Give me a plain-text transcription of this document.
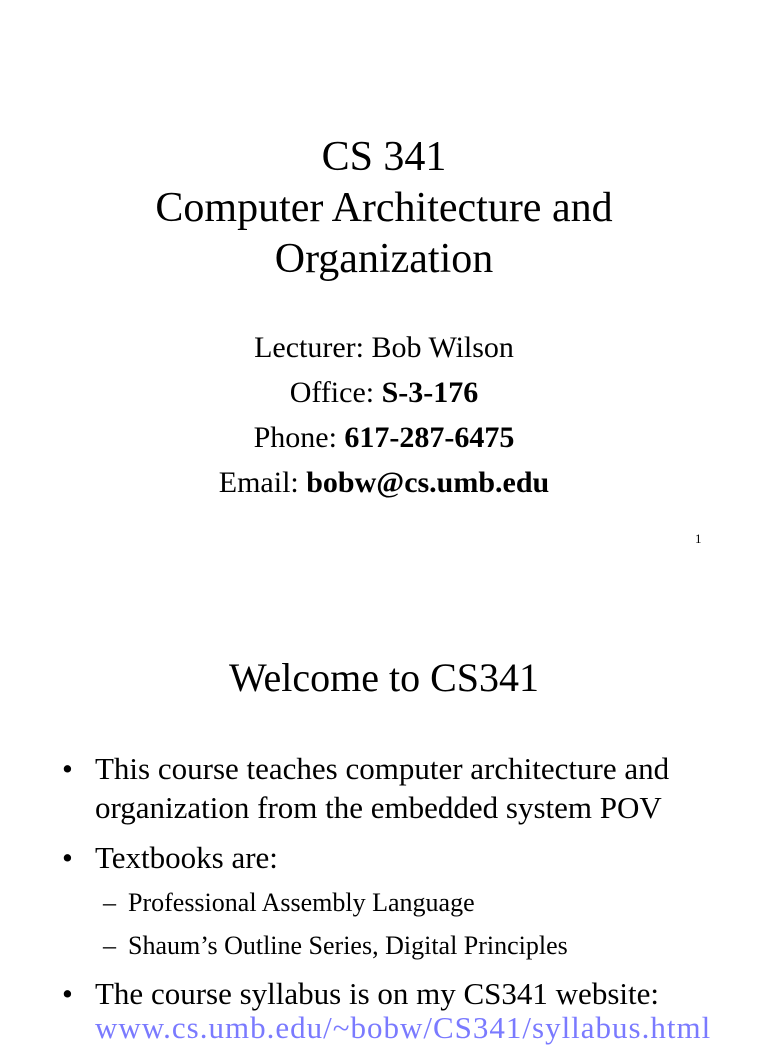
CS 341
Computer Architecture and
Organization
Lecturer: Bob Wilson
Office: S-3-176
Phone: 617-287-6475
Email: bobw@cs.umb.edu
1
Welcome to CS341
• This course teaches computer architecture and
organization from the embedded system POV
• Textbooks are:
– Professional Assembly Language
– Shaum’s Outline Series, Digital Principles
• The course syllabus is on my CS341 website:
www.cs.umb.edu/~bobw/CS341/syllabus.html
